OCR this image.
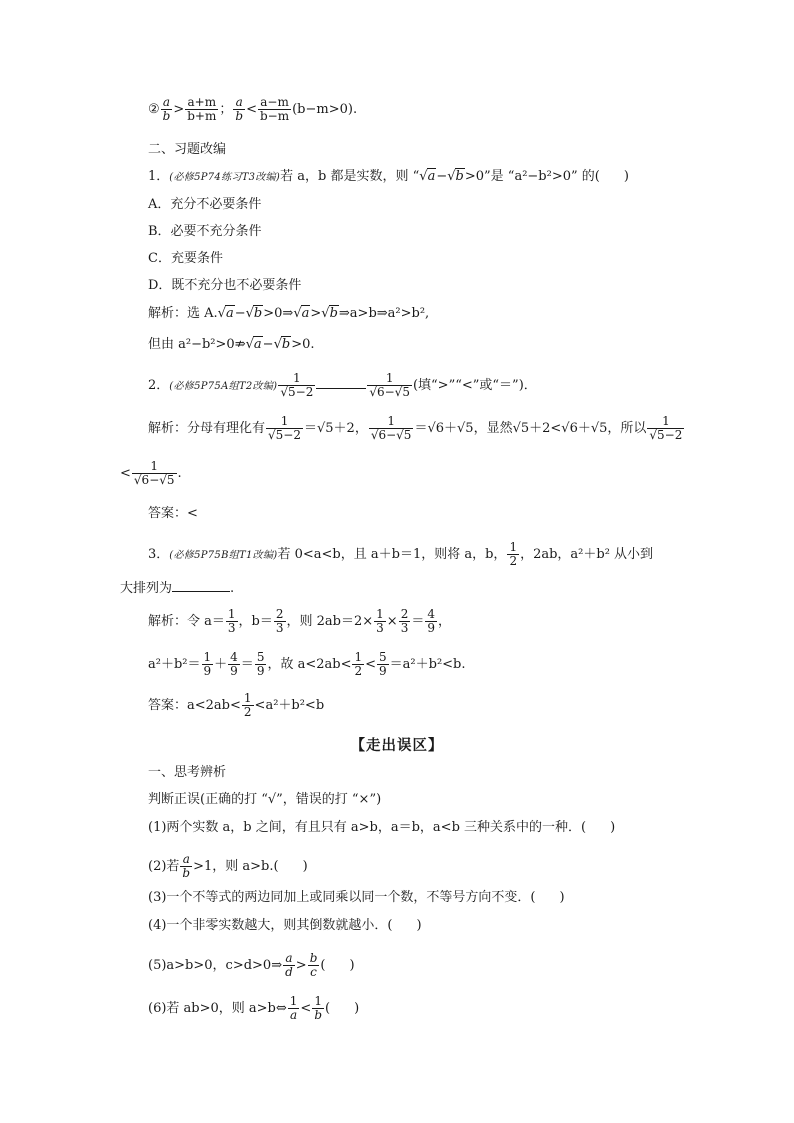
② $\frac{a}{b} > \frac{a+m}{b+m}$ ； $\frac{a}{b} < \frac{a-m}{b-m} (b-m>0)$.
二、习题改编
1．(必修5P74练习T3改编)若 a，b 都是实数，则 “√a−√b>0”是 “a²−b²>0” 的( )
A．充分不必要条件
B．必要不充分条件
C．充要条件
D．既不充分也不必要条件
解析：选 A.√a−√b>0⇒√a>√b⇒a>b⇒a²>b²,
但由 a²−b²>0⇏√a−√b>0.
2．(必修5P75A组T2改编) $\frac{1}{√5-2}$	$\frac{1}{√6-√5}$ (填“>”“<”或“＝”)．
解析：分母有理化有 $\frac{1}{√5-2} =√5+2$， $\frac{1}{√6-√5} =√6+√5$，显然√5＋2<√6＋√5，所以 $\frac{1}{√5-2}$
< $\frac{1}{√6-√5}$ .
答案：<
3．(必修5P75B组T1改编)若 0<a<b，且 a＋b＝1，则将 a，b， $\frac{1}{2}$ ，2ab，a²＋b² 从小到
大排列为	.
解析：令 $a= \frac{1}{3}$ ，$b= \frac{2}{3}$ ，则 $2ab=2\times \frac{1}{3} \times \frac{2}{3} = \frac{4}{9}$ ，
$a^2+b^2= \frac{1}{9} + \frac{4}{9} = \frac{5}{9}$ ，故 $a<2ab< \frac{1}{2} < \frac{5}{9} =a^2+b^2<b$.
答案：$a<2ab< \frac{1}{2} <a^2+b^2<b$
【走出误区】
一、思考辨析
判断正误(正确的打 “√”，错误的打 “×”)
(1)两个实数 a，b 之间，有且只有 a>b，a＝b，a<b 三种关系中的一种．( )
(2)若 $\frac{a}{b} >1$，则 a>b.( )
(3)一个不等式的两边同加上或同乘以同一个数，不等号方向不变．( )
(4)一个非零实数越大，则其倒数就越小．( )
(5)a>b>0，c>d>0⇒ $\frac{a}{d} > \frac{b}{c}$ ( )
(6)若 ab>0，则 a>b⇔ $\frac{1}{a} < \frac{1}{b}$ ( )
